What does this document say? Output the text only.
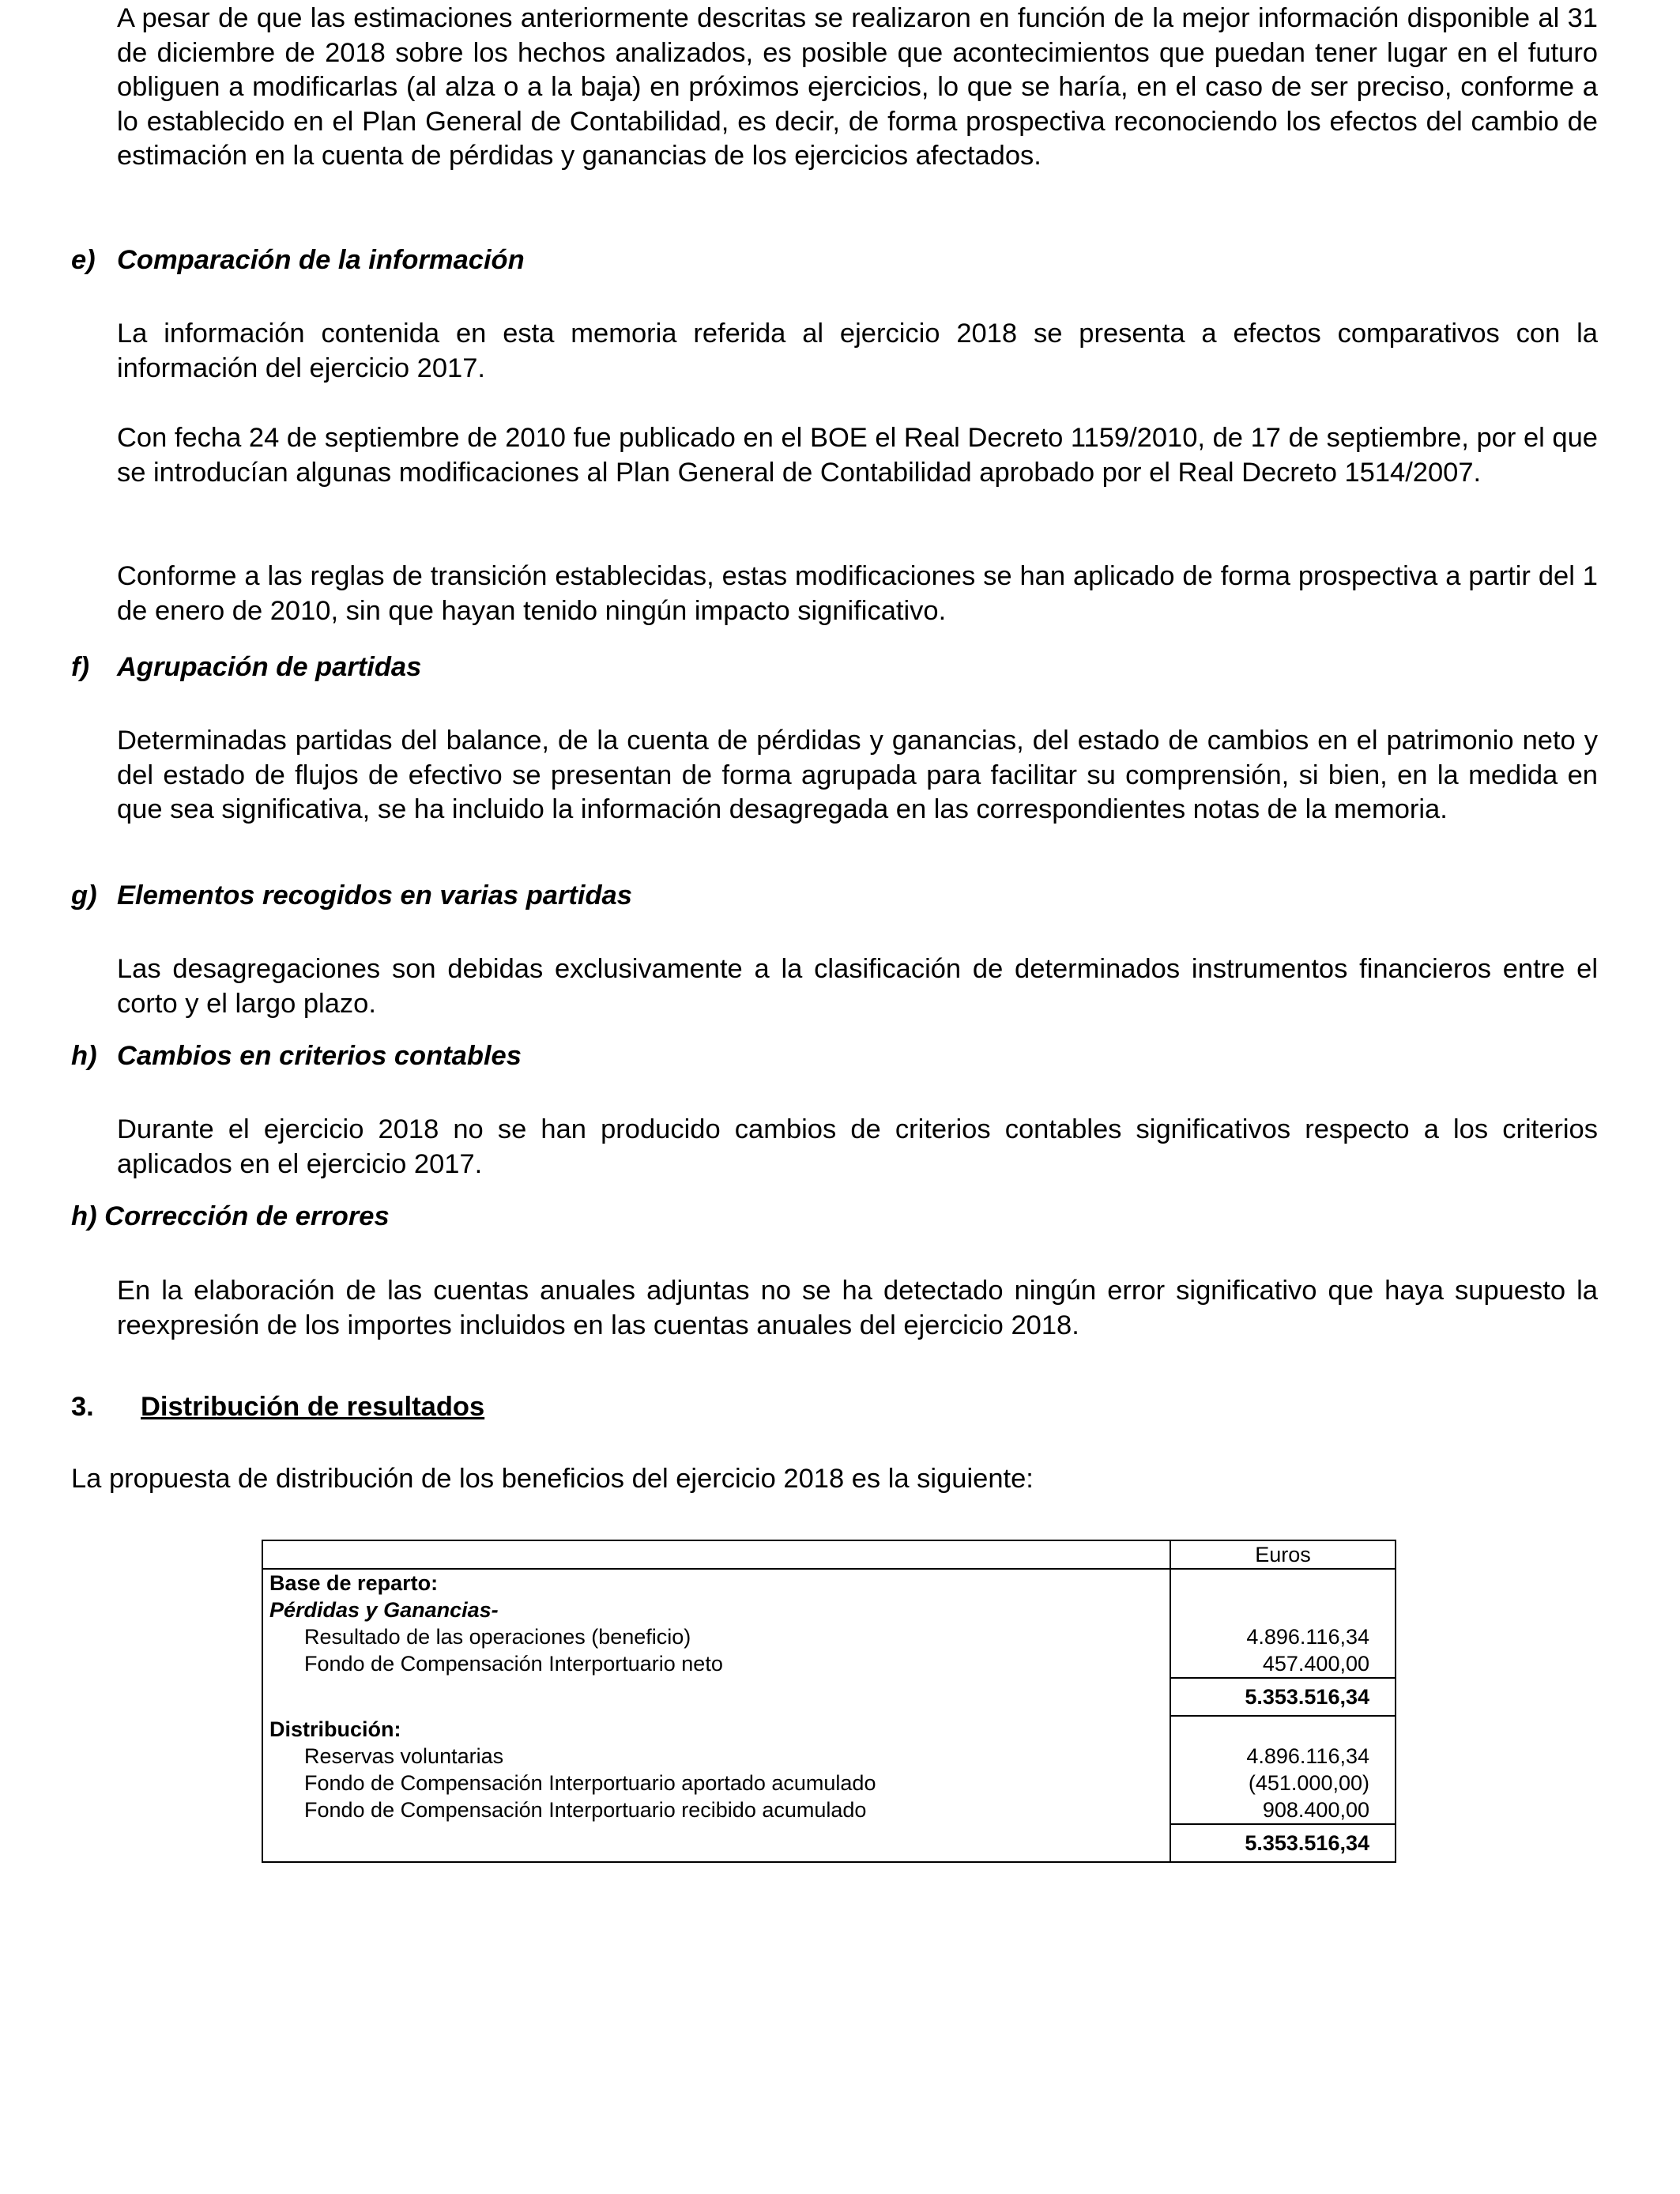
A pesar de que las estimaciones anteriormente descritas se realizaron en función de la mejor información disponible al 31 de diciembre de 2018 sobre los hechos analizados, es posible que acontecimientos que puedan tener lugar en el futuro obliguen a modificarlas (al alza o a la baja) en próximos ejercicios, lo que se haría, en el caso de ser preciso, conforme a lo establecido en el Plan General de Contabilidad, es decir, de forma prospectiva reconociendo los efectos del cambio de estimación en la cuenta de pérdidas y ganancias de los ejercicios afectados.

e) Comparación de la información

La información contenida en esta memoria referida al ejercicio 2018 se presenta a efectos comparativos con la información del ejercicio 2017.

Con fecha 24 de septiembre de 2010 fue publicado en el BOE el Real Decreto 1159/2010, de 17 de septiembre, por el que se introducían algunas modificaciones al Plan General de Contabilidad aprobado por el Real Decreto 1514/2007.

Conforme a las reglas de transición establecidas, estas modificaciones se han aplicado de forma prospectiva a partir del 1 de enero de 2010, sin que hayan tenido ningún impacto significativo.

f) Agrupación de partidas

Determinadas partidas del balance, de la cuenta de pérdidas y ganancias, del estado de cambios en el patrimonio neto y del estado de flujos de efectivo se presentan de forma agrupada para facilitar su comprensión, si bien, en la medida en que sea significativa, se ha incluido la información desagregada en las correspondientes notas de la memoria.

g) Elementos recogidos en varias partidas

Las desagregaciones son debidas exclusivamente a la clasificación de determinados instrumentos financieros entre el corto y el largo plazo.

h) Cambios en criterios contables

Durante el ejercicio 2018 no se han producido cambios de criterios contables significativos respecto a los criterios aplicados en el ejercicio 2017.

h) Corrección de errores

En la elaboración de las cuentas anuales adjuntas no se ha detectado ningún error significativo que haya supuesto la reexpresión de los importes incluidos en las cuentas anuales del ejercicio 2018.

3. Distribución de resultados

La propuesta de distribución de los beneficios del ejercicio 2018 es la siguiente:

	Euros
Base de reparto:	
Pérdidas y Ganancias-	
Resultado de las operaciones (beneficio)	4.896.116,34
Fondo de Compensación Interportuario neto	457.400,00
	5.353.516,34
Distribución:	
Reservas voluntarias	4.896.116,34
Fondo de Compensación Interportuario aportado acumulado	(451.000,00)
Fondo de Compensación Interportuario recibido acumulado	908.400,00
	5.353.516,34
